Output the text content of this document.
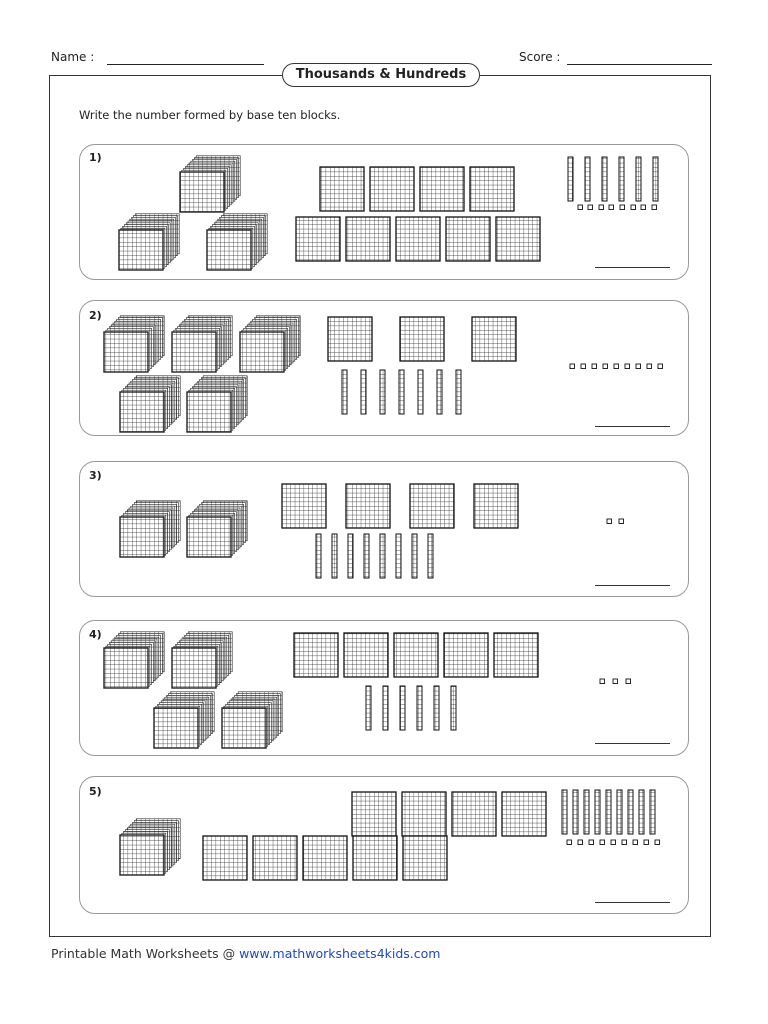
Name :	Score :
Thousands & Hundreds
Write the number formed by base ten blocks.
1)
2)
3)
4)
5)
Printable Math Worksheets @ www.mathworksheets4kids.com
